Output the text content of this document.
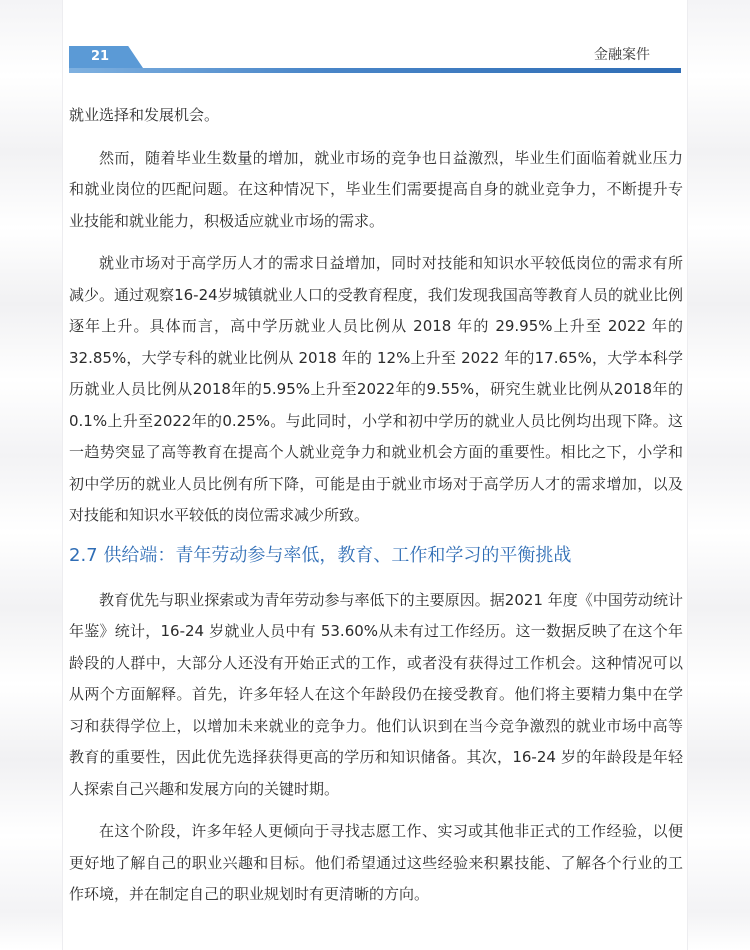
21	金融案件

就业选择和发展机会。

然而，随着毕业生数量的增加，就业市场的竞争也日益激烈，毕业生们面临着就业压力和就业岗位的匹配问题。在这种情况下，毕业生们需要提高自身的就业竞争力，不断提升专业技能和就业能力，积极适应就业市场的需求。

就业市场对于高学历人才的需求日益增加，同时对技能和知识水平较低岗位的需求有所减少。通过观察16-24岁城镇就业人口的受教育程度，我们发现我国高等教育人员的就业比例逐年上升。具体而言，高中学历就业人员比例从 2018 年的 29.95%上升至 2022 年的32.85%，大学专科的就业比例从 2018 年的 12%上升至 2022 年的17.65%，大学本科学历就业人员比例从2018年的5.95%上升至2022年的9.55%，研究生就业比例从2018年的0.1%上升至2022年的0.25%。与此同时，小学和初中学历的就业人员比例均出现下降。这一趋势突显了高等教育在提高个人就业竞争力和就业机会方面的重要性。相比之下，小学和初中学历的就业人员比例有所下降，可能是由于就业市场对于高学历人才的需求增加，以及对技能和知识水平较低的岗位需求减少所致。

2.7 供给端：青年劳动参与率低，教育、工作和学习的平衡挑战

教育优先与职业探索或为青年劳动参与率低下的主要原因。据2021 年度《中国劳动统计年鉴》统计，16-24 岁就业人员中有 53.60%从未有过工作经历。这一数据反映了在这个年龄段的人群中，大部分人还没有开始正式的工作，或者没有获得过工作机会。这种情况可以从两个方面解释。首先，许多年轻人在这个年龄段仍在接受教育。他们将主要精力集中在学习和获得学位上，以增加未来就业的竞争力。他们认识到在当今竞争激烈的就业市场中高等教育的重要性，因此优先选择获得更高的学历和知识储备。其次，16-24 岁的年龄段是年轻人探索自己兴趣和发展方向的关键时期。

在这个阶段，许多年轻人更倾向于寻找志愿工作、实习或其他非正式的工作经验，以便更好地了解自己的职业兴趣和目标。他们希望通过这些经验来积累技能、了解各个行业的工作环境，并在制定自己的职业规划时有更清晰的方向。
